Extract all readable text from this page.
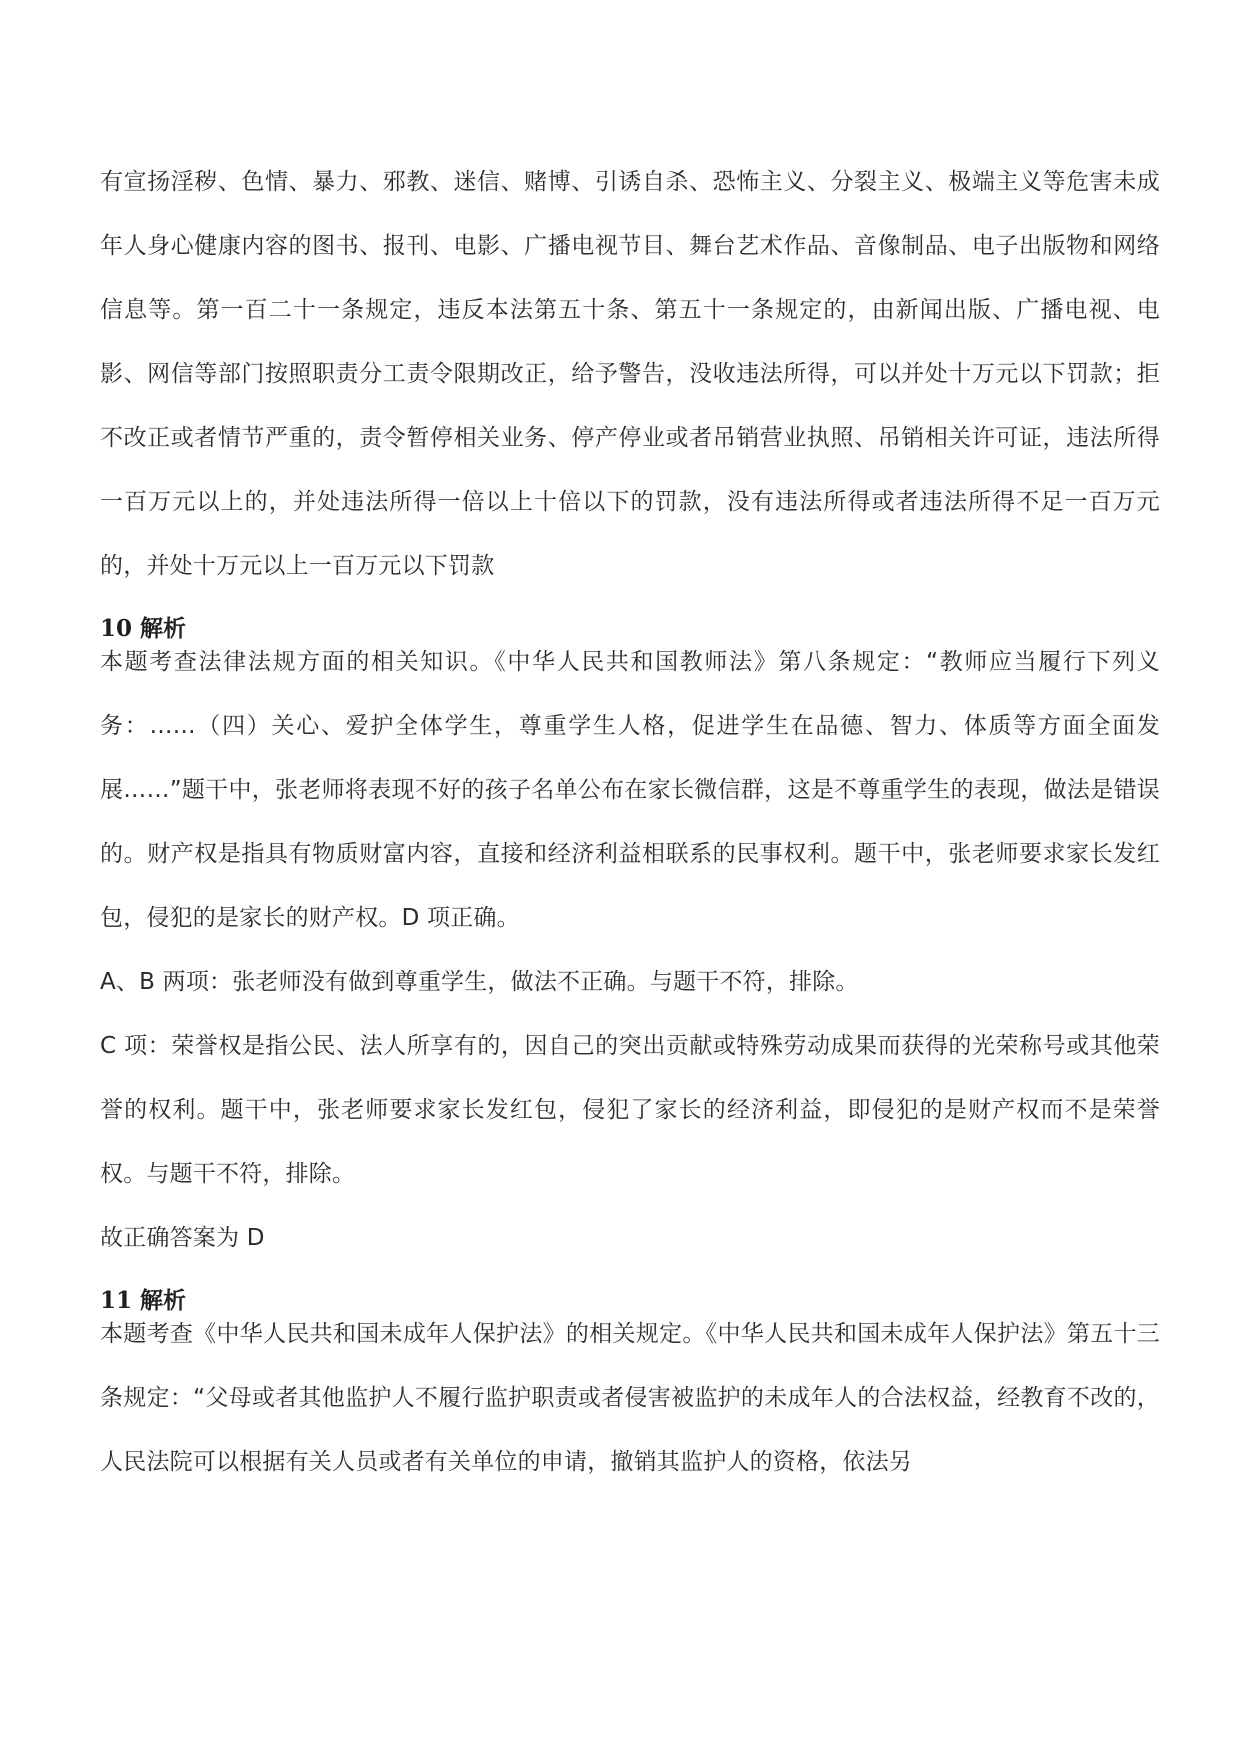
有宣扬淫秽、色情、暴力、邪教、迷信、赌博、引诱自杀、恐怖主义、分裂主义、极端主义等危害未成年人身心健康内容的图书、报刊、电影、广播电视节目、舞台艺术作品、音像制品、电子出版物和网络信息等。第一百二十一条规定，违反本法第五十条、第五十一条规定的，由新闻出版、广播电视、电影、网信等部门按照职责分工责令限期改正，给予警告，没收违法所得，可以并处十万元以下罚款；拒不改正或者情节严重的，责令暂停相关业务、停产停业或者吊销营业执照、吊销相关许可证，违法所得一百万元以上的，并处违法所得一倍以上十倍以下的罚款，没有违法所得或者违法所得不足一百万元的，并处十万元以上一百万元以下罚款

10 解析

本题考查法律法规方面的相关知识。《中华人民共和国教师法》第八条规定：“教师应当履行下列义务：……（四）关心、爱护全体学生，尊重学生人格，促进学生在品德、智力、体质等方面全面发展……”题干中，张老师将表现不好的孩子名单公布在家长微信群，这是不尊重学生的表现，做法是错误的。财产权是指具有物质财富内容，直接和经济利益相联系的民事权利。题干中，张老师要求家长发红包，侵犯的是家长的财产权。D 项正确。

A、B 两项：张老师没有做到尊重学生，做法不正确。与题干不符，排除。

C 项：荣誉权是指公民、法人所享有的，因自己的突出贡献或特殊劳动成果而获得的光荣称号或其他荣誉的权利。题干中，张老师要求家长发红包，侵犯了家长的经济利益，即侵犯的是财产权而不是荣誉权。与题干不符，排除。

故正确答案为 D

11 解析

本题考查《中华人民共和国未成年人保护法》的相关规定。《中华人民共和国未成年人保护法》第五十三条规定：“父母或者其他监护人不履行监护职责或者侵害被监护的未成年人的合法权益，经教育不改的，人民法院可以根据有关人员或者有关单位的申请，撤销其监护人的资格，依法另
